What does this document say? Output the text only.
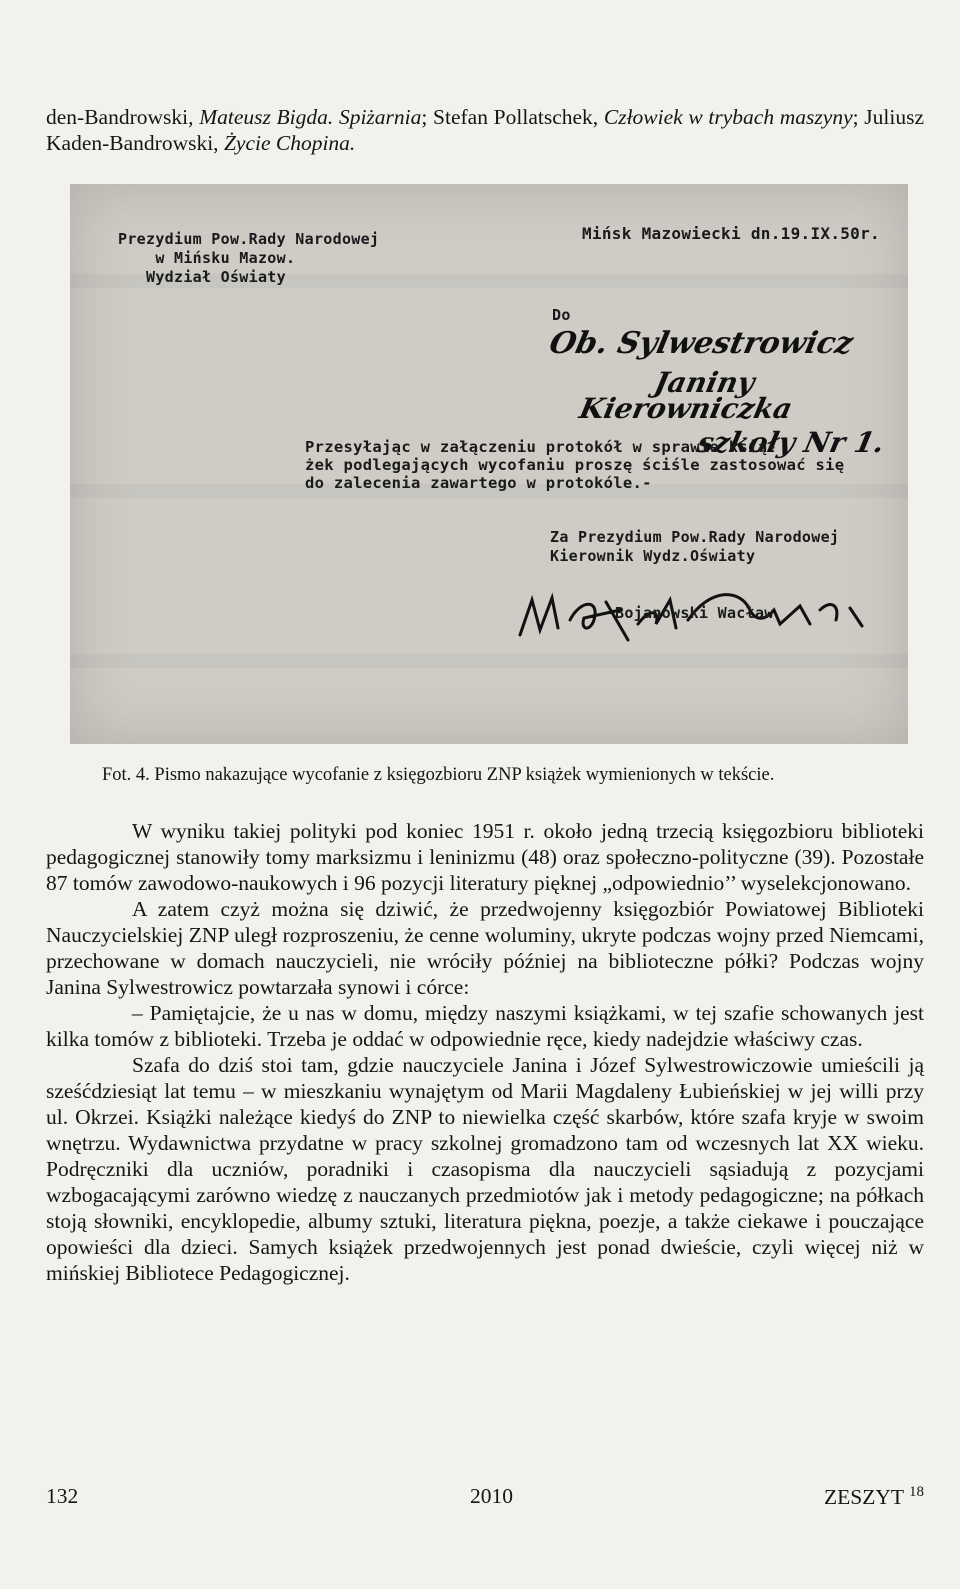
den-Bandrowski, Mateusz Bigda. Spiżarnia; Stefan Pollatschek, Człowiek w trybach maszyny; Juliusz Kaden-Bandrowski, Życie Chopina.

Prezydium Pow.Rady Narodowej
w Mińsku Mazow.
Wydział Oświaty
Mińsk Mazowiecki dn.19.IX.50r.
Do
Ob. Sylwestrowicz
Janiny
Kierowniczka
szkoły Nr 1.
Przesyłając w załączeniu protokół w sprawie ksią-
żek podlegających wycofaniu proszę ściśle zastosować się
do zalecenia zawartego w protokóle.-
Za Prezydium Pow.Rady Narodowej
Kierownik Wydz.Oświaty
Bojanowski Wacław
Fot. 4. Pismo nakazujące wycofanie z księgozbioru ZNP książek wymienionych w tekście.

W wyniku takiej polityki pod koniec 1951 r. około jedną trzecią księgozbioru biblioteki pedagogicznej stanowiły tomy marksizmu i leninizmu (48) oraz społeczno-polityczne (39). Pozostałe 87 tomów zawodowo-naukowych i 96 pozycji literatury pięknej „odpowiednio’’ wyselekcjonowano.

A zatem czyż można się dziwić, że przedwojenny księgozbiór Powiatowej Biblioteki Nauczycielskiej ZNP uległ rozproszeniu, że cenne woluminy, ukryte podczas wojny przed Niemcami, przechowane w domach nauczycieli, nie wróciły później na biblioteczne półki? Podczas wojny Janina Sylwestrowicz powtarzała synowi i córce:

– Pamiętajcie, że u nas w domu, między naszymi książkami, w tej szafie schowanych jest kilka tomów z biblioteki. Trzeba je oddać w odpowiednie ręce, kiedy nadejdzie właściwy czas.

Szafa do dziś stoi tam, gdzie nauczyciele Janina i Józef Sylwestrowiczowie umieścili ją sześćdziesiąt lat temu – w mieszkaniu wynajętym od Marii Magdaleny Łubieńskiej w jej willi przy ul. Okrzei. Książki należące kiedyś do ZNP to niewielka część skarbów, które szafa kryje w swoim wnętrzu. Wydawnictwa przydatne w pracy szkolnej gromadzono tam od wczesnych lat XX wieku. Podręczniki dla uczniów, poradniki i czasopisma dla nauczycieli sąsiadują z pozycjami wzbogacającymi zarówno wiedzę z nauczanych przedmiotów jak i metody pedagogiczne; na półkach stoją słowniki, encyklopedie, albumy sztuki, literatura piękna, poezje, a także ciekawe i pouczające opowieści dla dzieci. Samych książek przedwojennych jest ponad dwieście, czyli więcej niż w mińskiej Bibliotece Pedagogicznej.

132	2010	ZESZYT $^{18}$
